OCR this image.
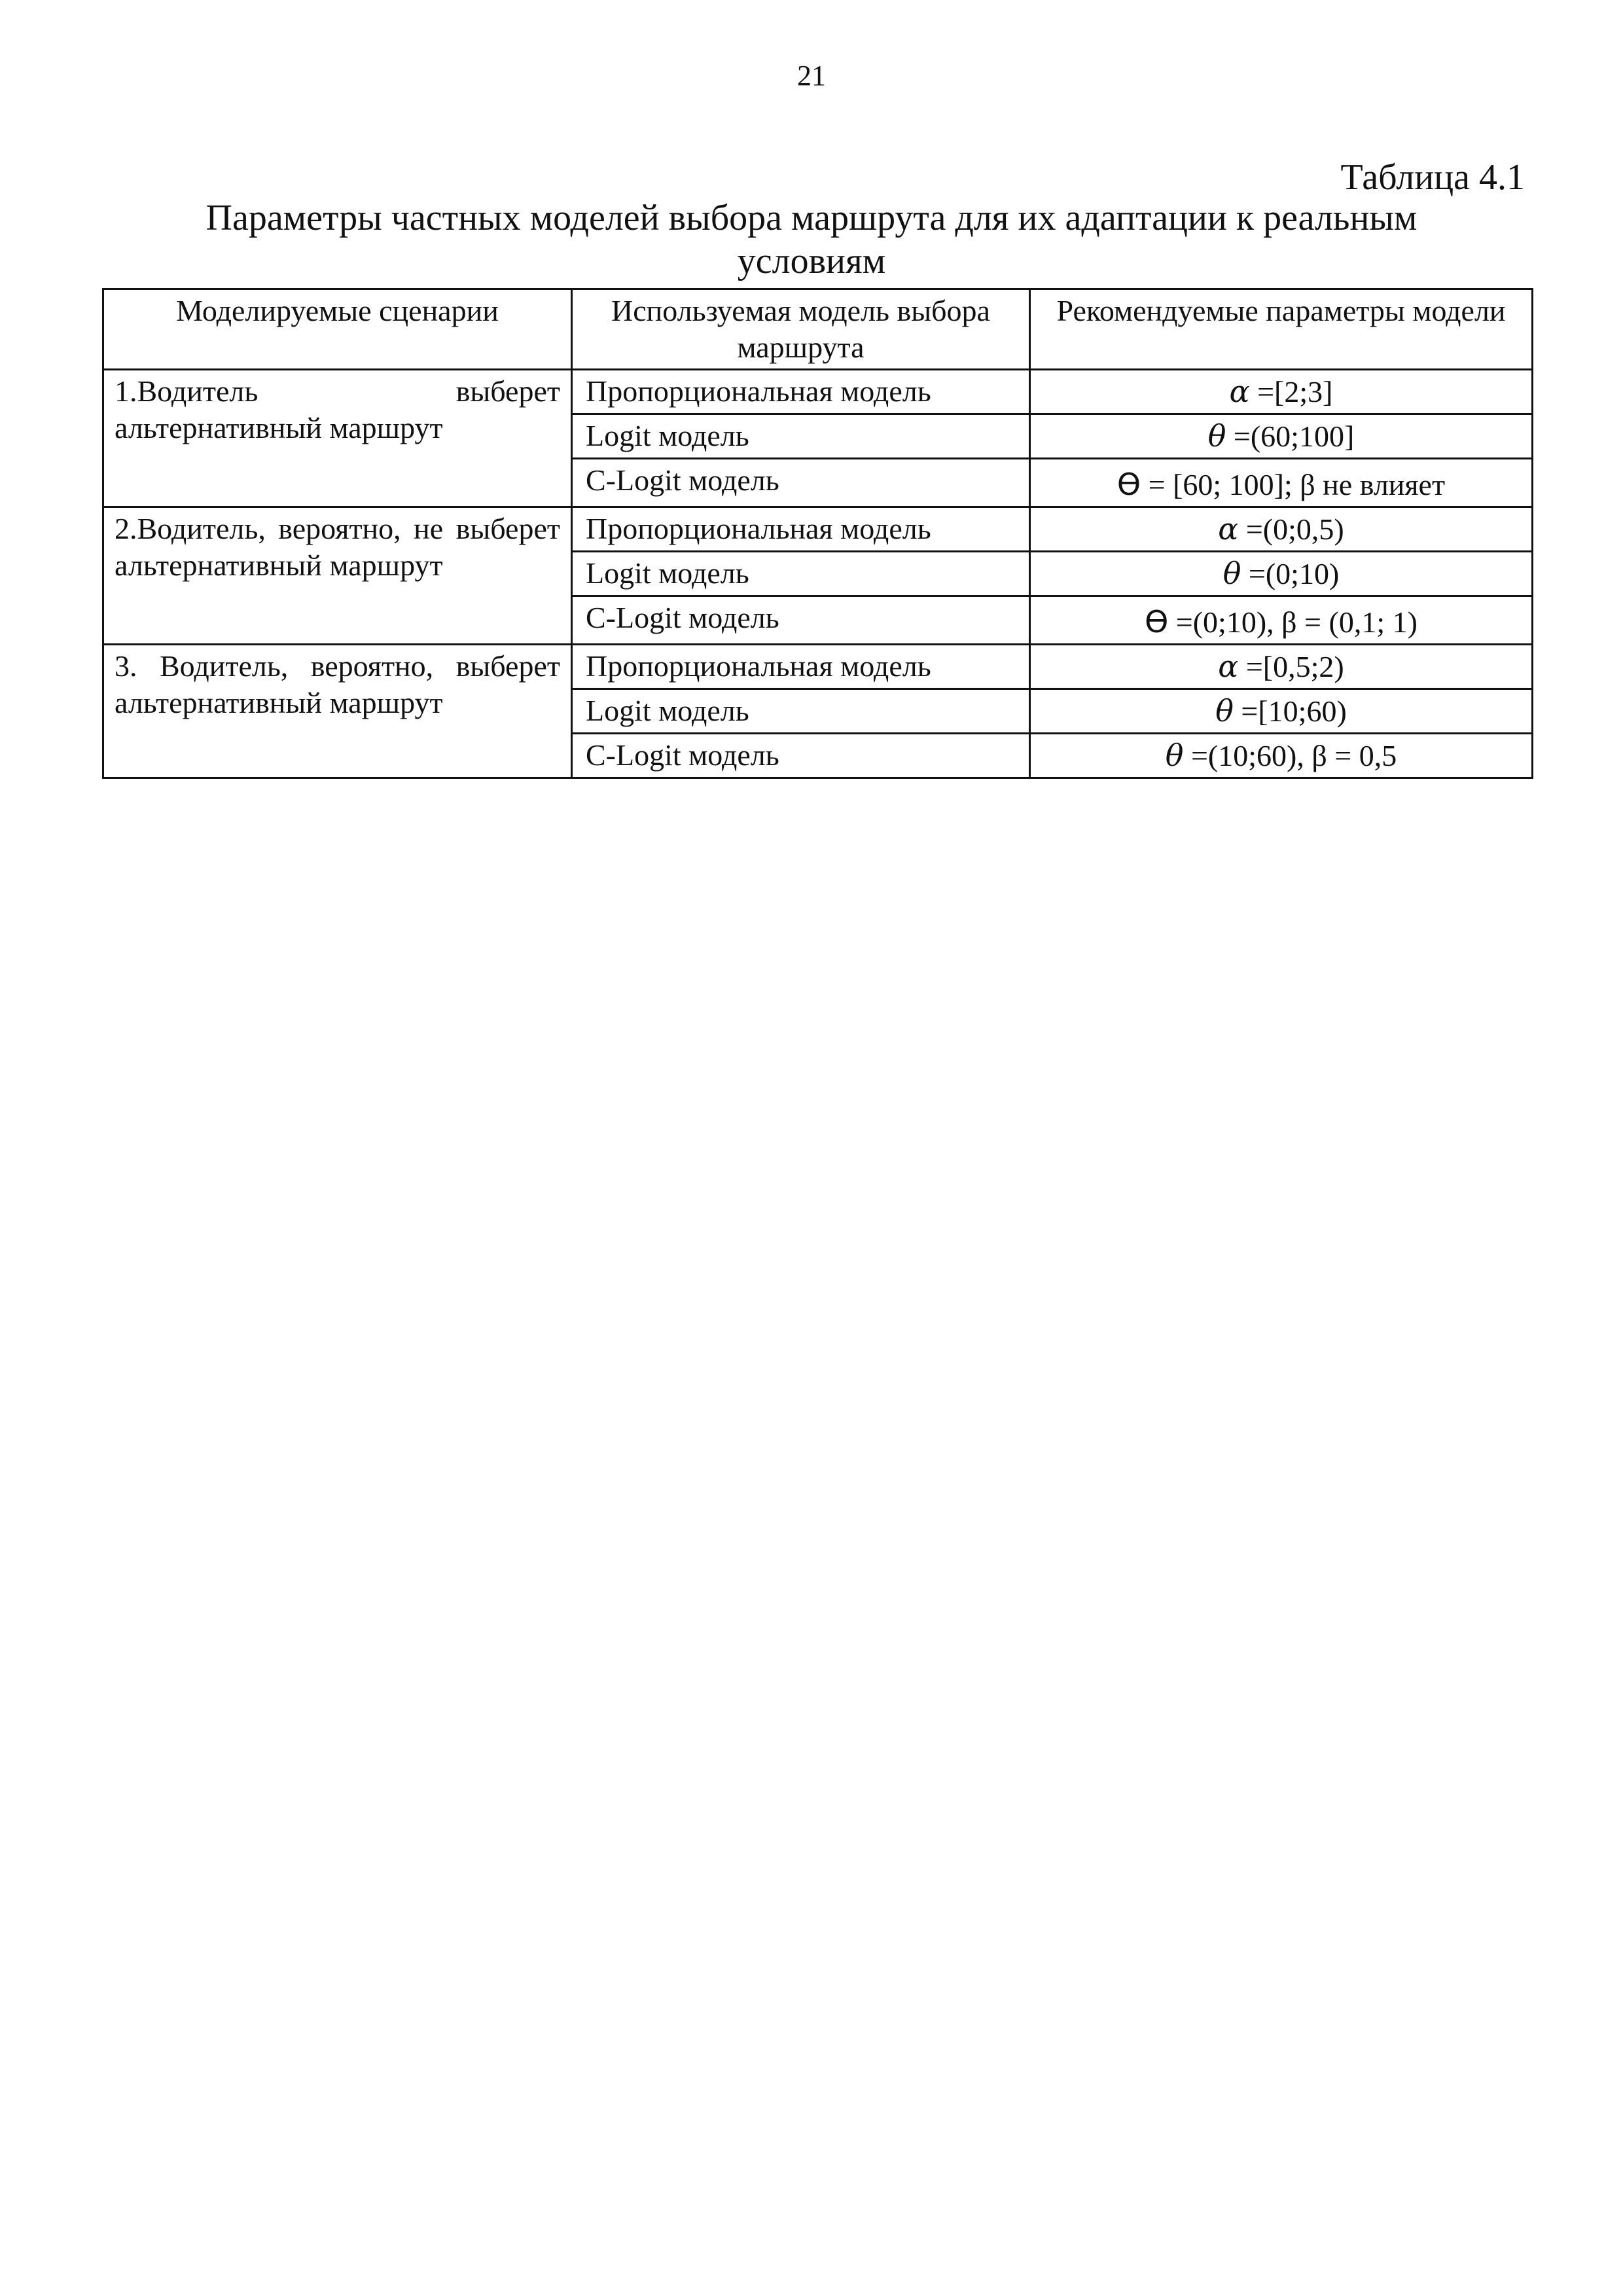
21
Таблица 4.1
Параметры частных моделей выбора маршрута для их адаптации к реальным условиям
Моделируемые сценарии	Используемая модель выбора маршрута	Рекомендуемые параметры модели
1.Водитель выберет альтернативный маршрут	Пропорциональная модель	α =[2;3]
	Logit модель	θ =(60;100]
	C-Logit модель	Ө = [60; 100]; β не влияет
2.Водитель, вероятно, не выберет альтернативный маршрут	Пропорциональная модель	α =(0;0,5)
	Logit модель	θ =(0;10)
	C-Logit модель	Ө =(0;10), β = (0,1; 1)
3. Водитель, вероятно, выберет альтернативный маршрут	Пропорциональная модель	α =[0,5;2)
	Logit модель	θ =[10;60)
	C-Logit модель	θ =(10;60), β = 0,5
